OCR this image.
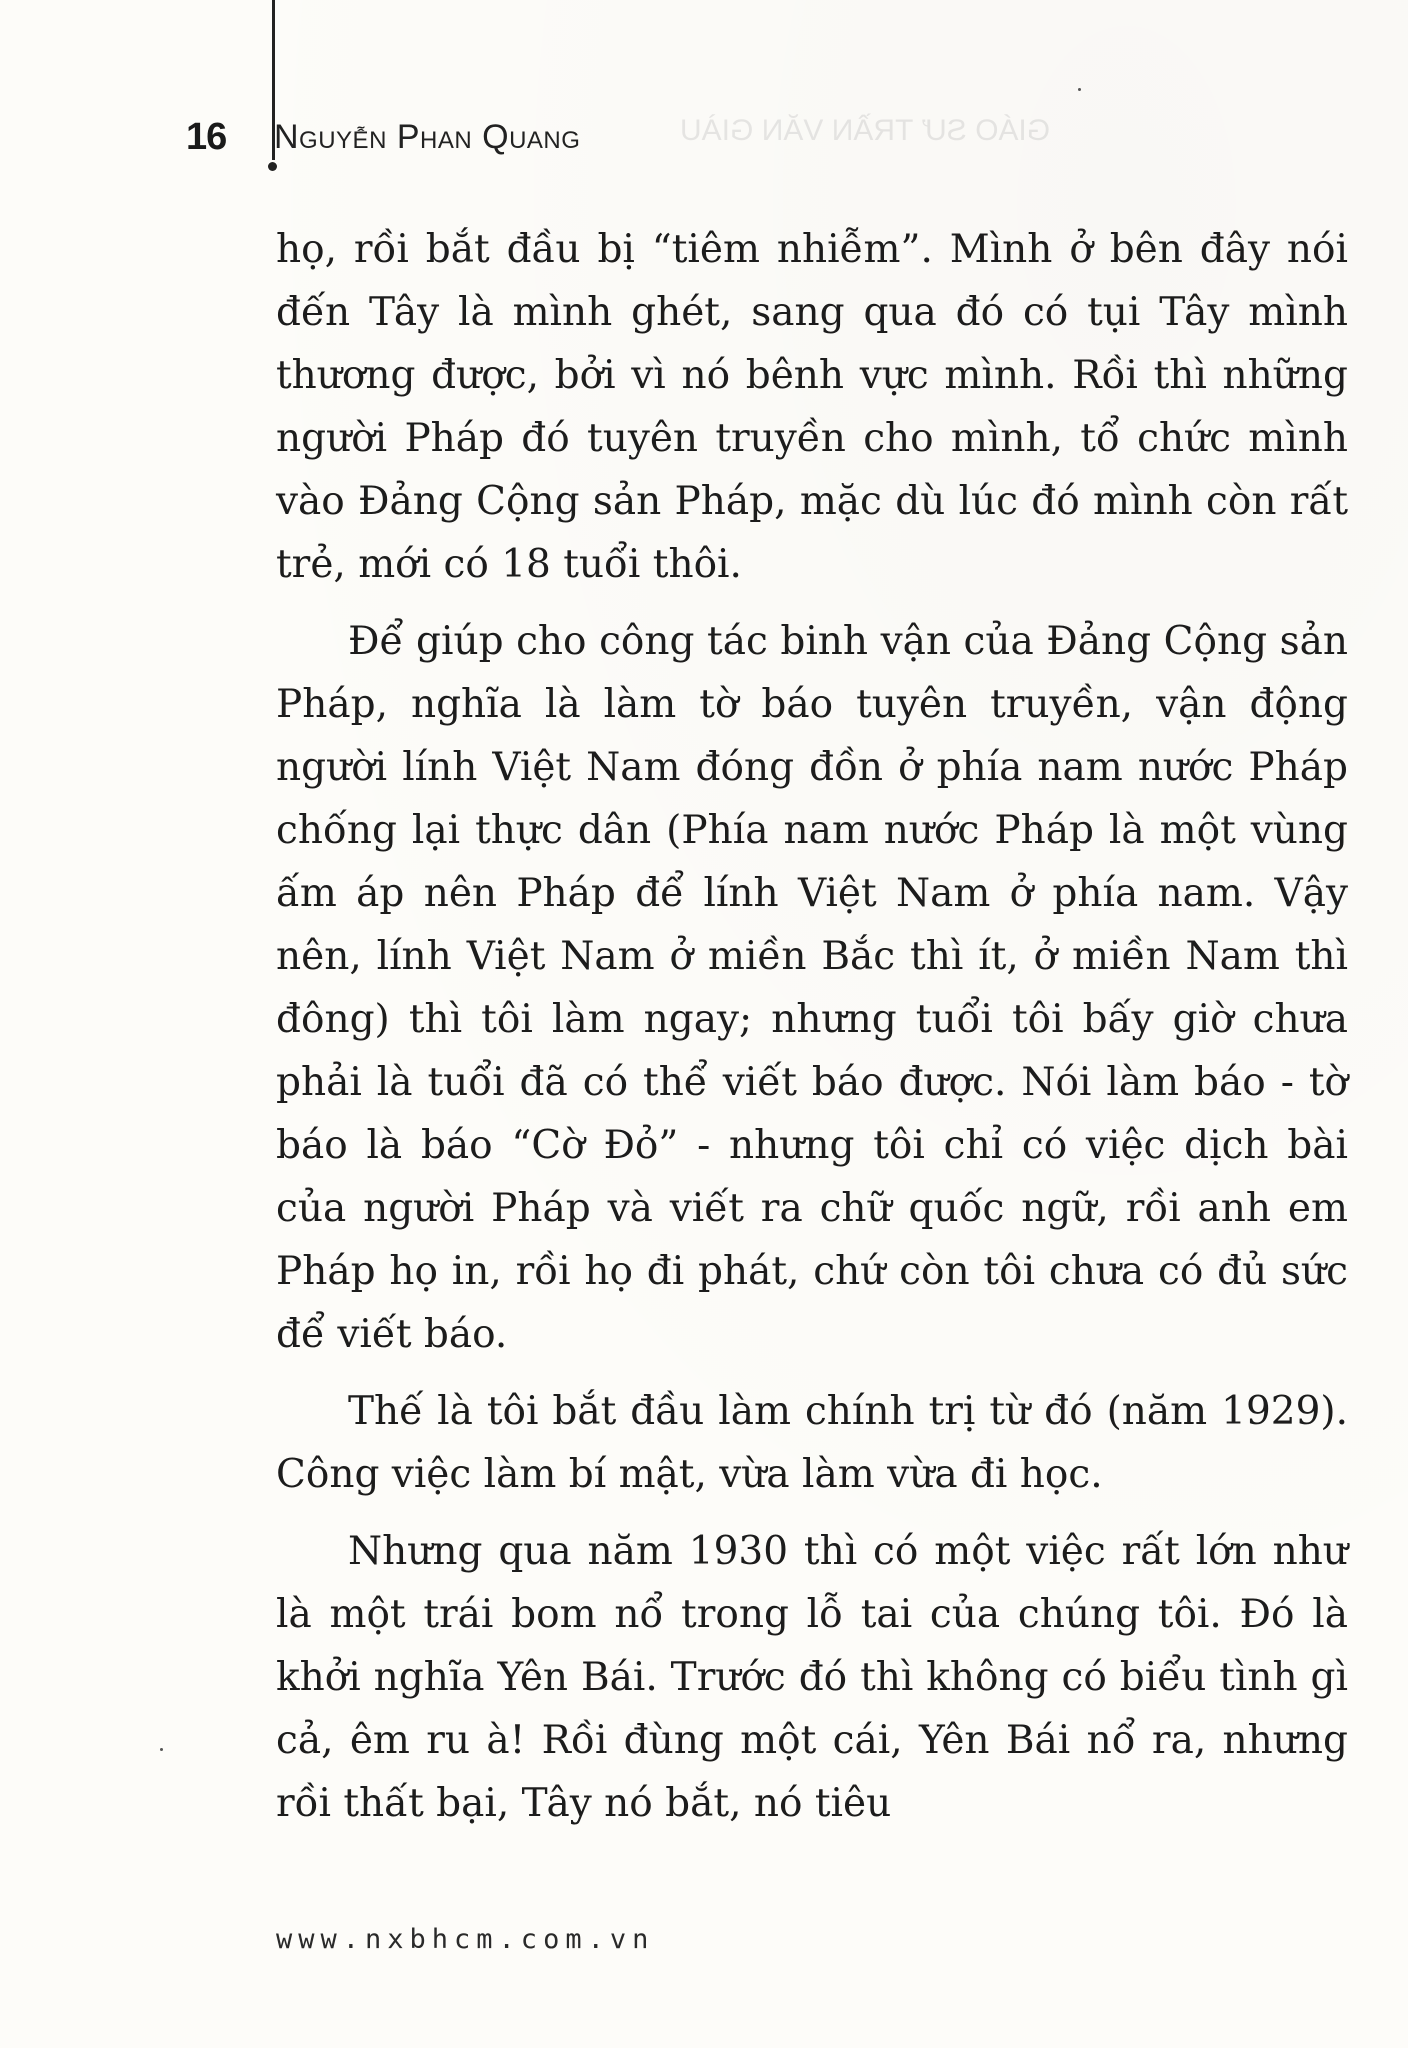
GIÁO SƯ TRẦN VĂN GIÀU
16	Nguyễn Phan Quang

họ, rồi bắt đầu bị “tiêm nhiễm”. Mình ở bên đây nói đến Tây là mình ghét, sang qua đó có tụi Tây mình thương được, bởi vì nó bênh vực mình. Rồi thì những người Pháp đó tuyên truyền cho mình, tổ chức mình vào Đảng Cộng sản Pháp, mặc dù lúc đó mình còn rất trẻ, mới có 18 tuổi thôi.

Để giúp cho công tác binh vận của Đảng Cộng sản Pháp, nghĩa là làm tờ báo tuyên truyền, vận động người lính Việt Nam đóng đồn ở phía nam nước Pháp chống lại thực dân (Phía nam nước Pháp là một vùng ấm áp nên Pháp để lính Việt Nam ở phía nam. Vậy nên, lính Việt Nam ở miền Bắc thì ít, ở miền Nam thì đông) thì tôi làm ngay; nhưng tuổi tôi bấy giờ chưa phải là tuổi đã có thể viết báo được. Nói làm báo - tờ báo là báo “Cờ Đỏ” - nhưng tôi chỉ có việc dịch bài của người Pháp và viết ra chữ quốc ngữ, rồi anh em Pháp họ in, rồi họ đi phát, chứ còn tôi chưa có đủ sức để viết báo.

Thế là tôi bắt đầu làm chính trị từ đó (năm 1929). Công việc làm bí mật, vừa làm vừa đi học.

Nhưng qua năm 1930 thì có một việc rất lớn như là một trái bom nổ trong lỗ tai của chúng tôi. Đó là khởi nghĩa Yên Bái. Trước đó thì không có biểu tình gì cả, êm ru à! Rồi đùng một cái, Yên Bái nổ ra, nhưng rồi thất bại, Tây nó bắt, nó tiêu

www.nxbhcm.com.vn
